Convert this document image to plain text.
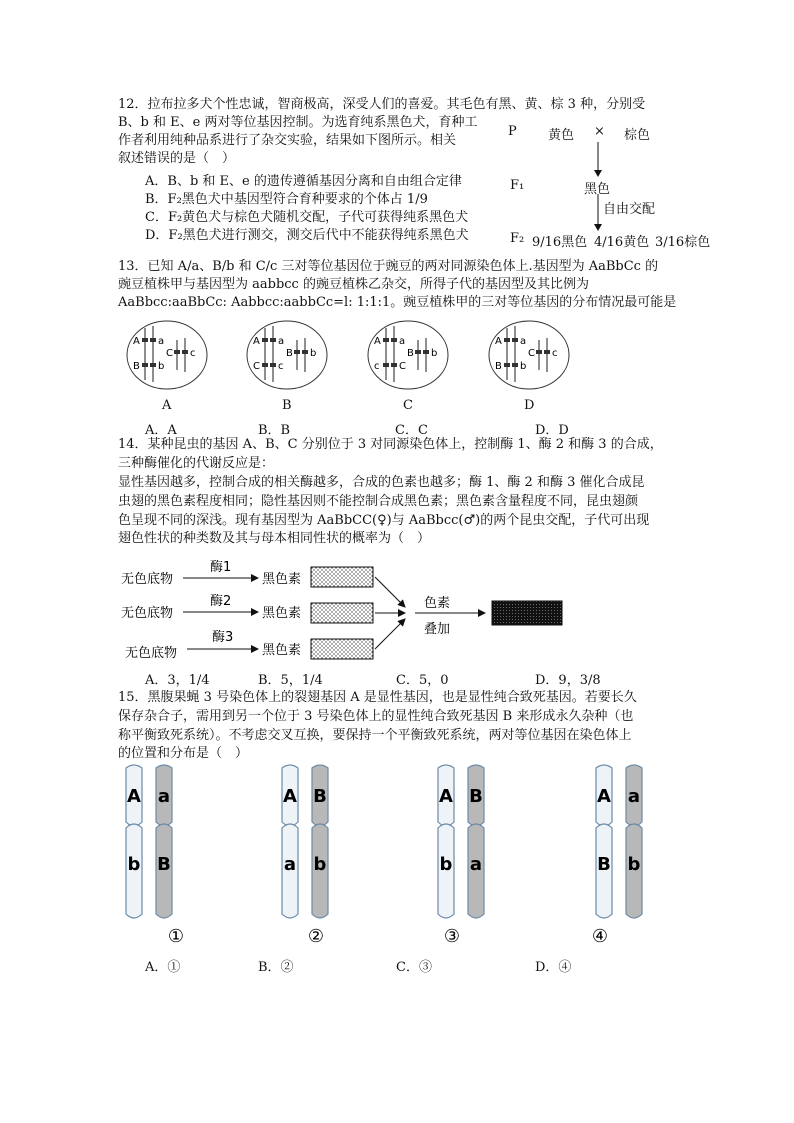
12．拉布拉多犬个性忠诚，智商极高，深受人们的喜爱。其毛色有黑、黄、棕 3 种，分别受
B、b 和 E、e 两对等位基因控制。为选育纯系黑色犬，育种工
作者利用纯种品系进行了杂交实验，结果如下图所示。相关
叙述错误的是（　）
A．B、b 和 E、e 的遗传遵循基因分离和自由组合定律
B．F₂黑色犬中基因型符合育种要求的个体占 1/9
C．F₂黄色犬与棕色犬随机交配，子代可获得纯系黑色犬
D．F₂黑色犬进行测交，测交后代中不能获得纯系黑色犬
P 黄色 × 棕色
F₁	黑色
自由交配
F₂ 9/16黑色 4/16黄色 3/16棕色
13．已知 A/a、B/b 和 C/c 三对等位基因位于豌豆的两对同源染色体上.基因型为 AaBbCc 的
豌豆植株甲与基因型为 aabbcc 的豌豆植株乙杂交，所得子代的基因型及其比例为
AaBbcc:aaBbCc: Aabbcc:aabbCc=l: 1:1:1。豌豆植株甲的三对等位基因的分布情况最可能是
A a
B b
C c
A
A a
B b
C c
B
A a
B b
c C
C
A a
B b
C c
D
A．A	B．B	C．C	D．D
14．某种昆虫的基因 A、B、C 分别位于 3 对同源染色体上，控制酶 1、酶 2 和酶 3 的合成，
三种酶催化的代谢反应是：
显性基因越多，控制合成的相关酶越多，合成的色素也越多；酶 1、酶 2 和酶 3 催化合成昆
虫翅的黑色素程度相同；隐性基因则不能控制合成黑色素；黑色素含量程度不同，昆虫翅颜
色呈现不同的深浅。现有基因型为 AaBbCC(♀)与 AaBbcc(♂)的两个昆虫交配，子代可出现
翅色性状的种类数及其与母本相同性状的概率为（　）
无色底物
酶1
黑色素
无色底物
酶2
黑色素
无色底物
酶3
黑色素
色素
叠加
A．3，1/4	B．5，1/4	C．5，0	D．9，3/8
15．黑腹果蝇 3 号染色体上的裂翅基因 A 是显性基因，也是显性纯合致死基因。若要长久
保存杂合子，需用到另一个位于 3 号染色体上的显性纯合致死基因 B 来形成永久杂种（也
称平衡致死系统）。不考虑交叉互换，要保持一个平衡致死系统，两对等位基因在染色体上
的位置和分布是（　）
A
b
a
B
①
A
a
B
b
②
A
b
B
a
③
A
B
a
b
④
A．①	B．②	C．③	D．④
